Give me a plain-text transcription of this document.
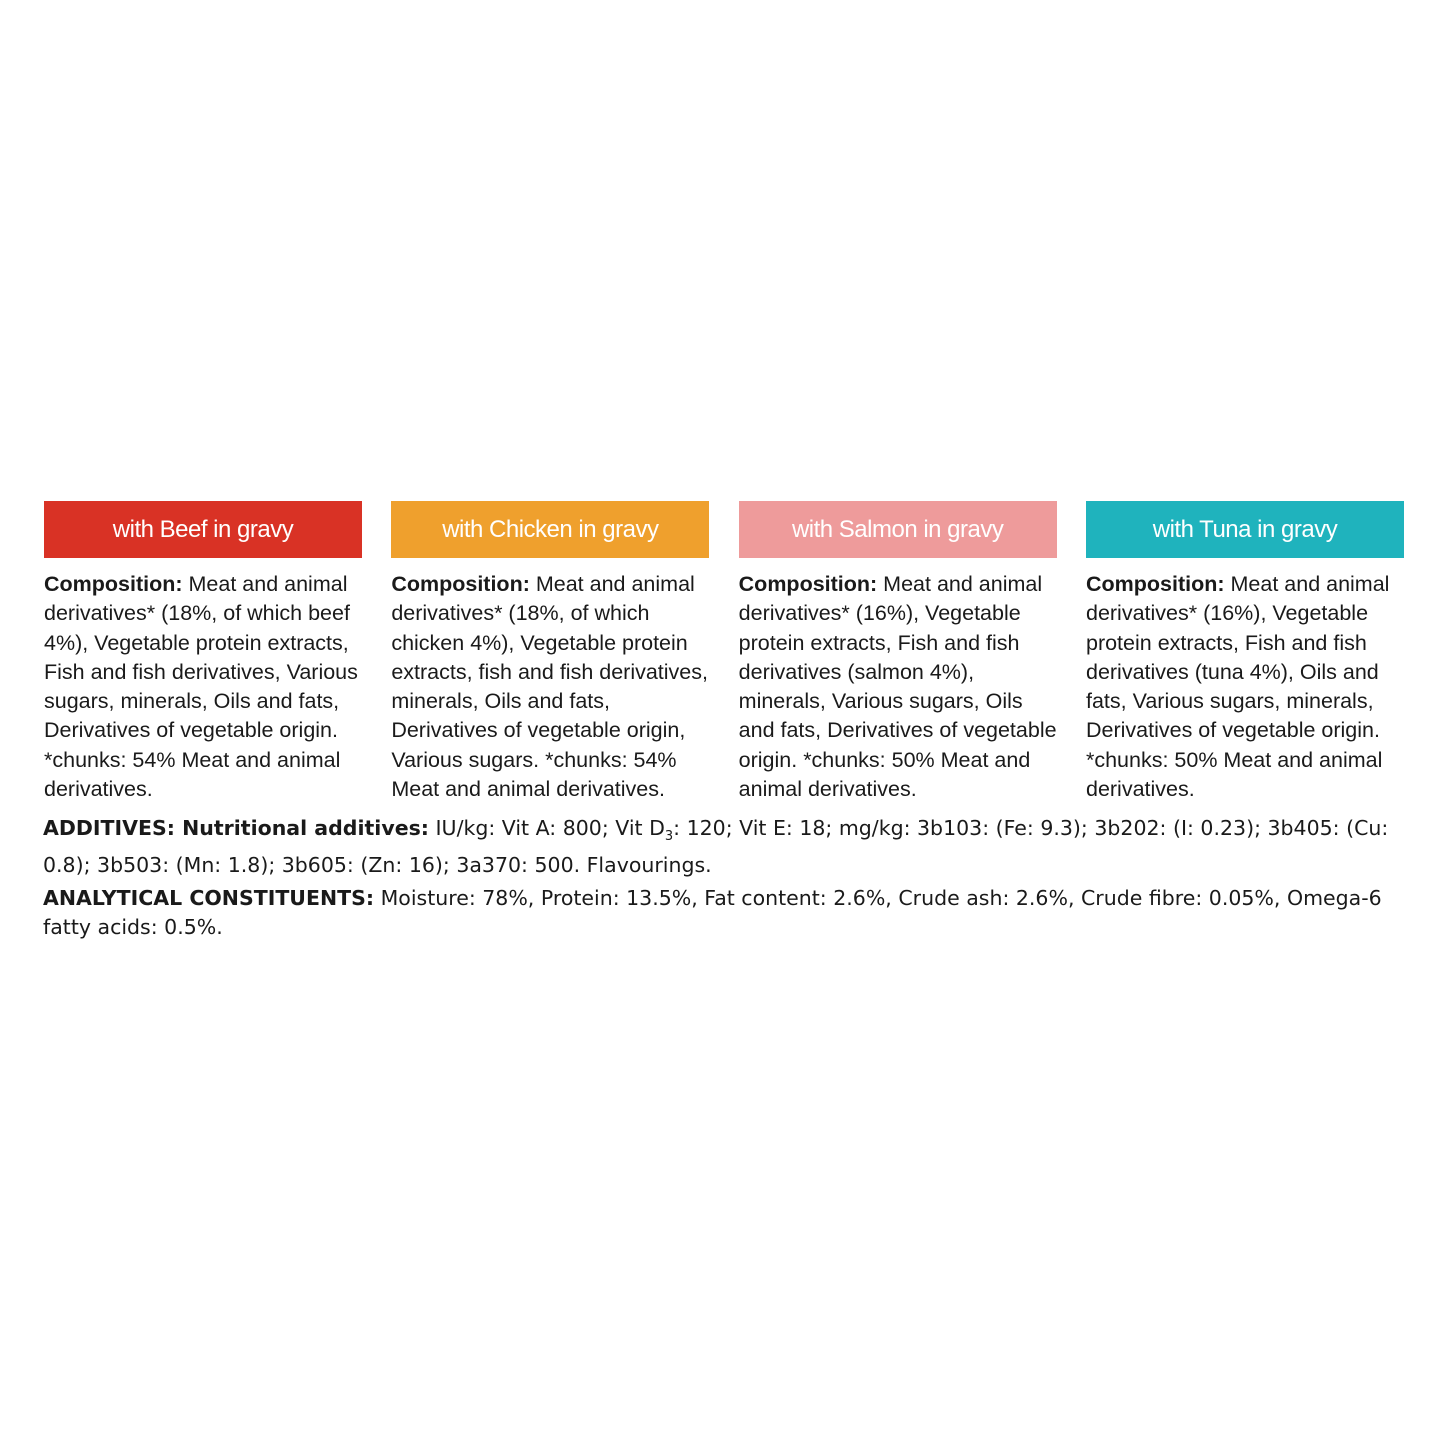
with Beef in gravy
Composition: Meat and animal derivatives* (18%, of which beef 4%), Vegetable protein extracts, Fish and fish derivatives, Various sugars, minerals, Oils and fats, Derivatives of vegetable origin. *chunks: 54% Meat and animal derivatives.
with Chicken in gravy
Composition: Meat and animal derivatives* (18%, of which chicken 4%), Vegetable protein extracts, fish and fish derivatives, minerals, Oils and fats, Derivatives of vegetable origin, Various sugars. *chunks: 54% Meat and animal derivatives.
with Salmon in gravy
Composition: Meat and animal derivatives* (16%), Vegetable protein extracts, Fish and fish derivatives (salmon 4%), minerals, Various sugars, Oils and fats, Derivatives of vegetable origin. *chunks: 50% Meat and animal derivatives.
with Tuna in gravy
Composition: Meat and animal derivatives* (16%), Vegetable protein extracts, Fish and fish derivatives (tuna 4%), Oils and fats, Various sugars, minerals, Derivatives of vegetable origin. *chunks: 50% Meat and animal derivatives.
ADDITIVES: Nutritional additives: IU/kg: Vit A: 800; Vit $D_3$: 120; Vit E: 18; mg/kg: 3b103: (Fe: 9.3); 3b202: (I: 0.23); 3b405: (Cu: 0.8); 3b503: (Mn: 1.8); 3b605: (Zn: 16); 3a370: 500. Flavourings.
ANALYTICAL CONSTITUENTS: Moisture: 78%, Protein: 13.5%, Fat content: 2.6%, Crude ash: 2.6%, Crude fibre: 0.05%, Omega-6 fatty acids: 0.5%.
